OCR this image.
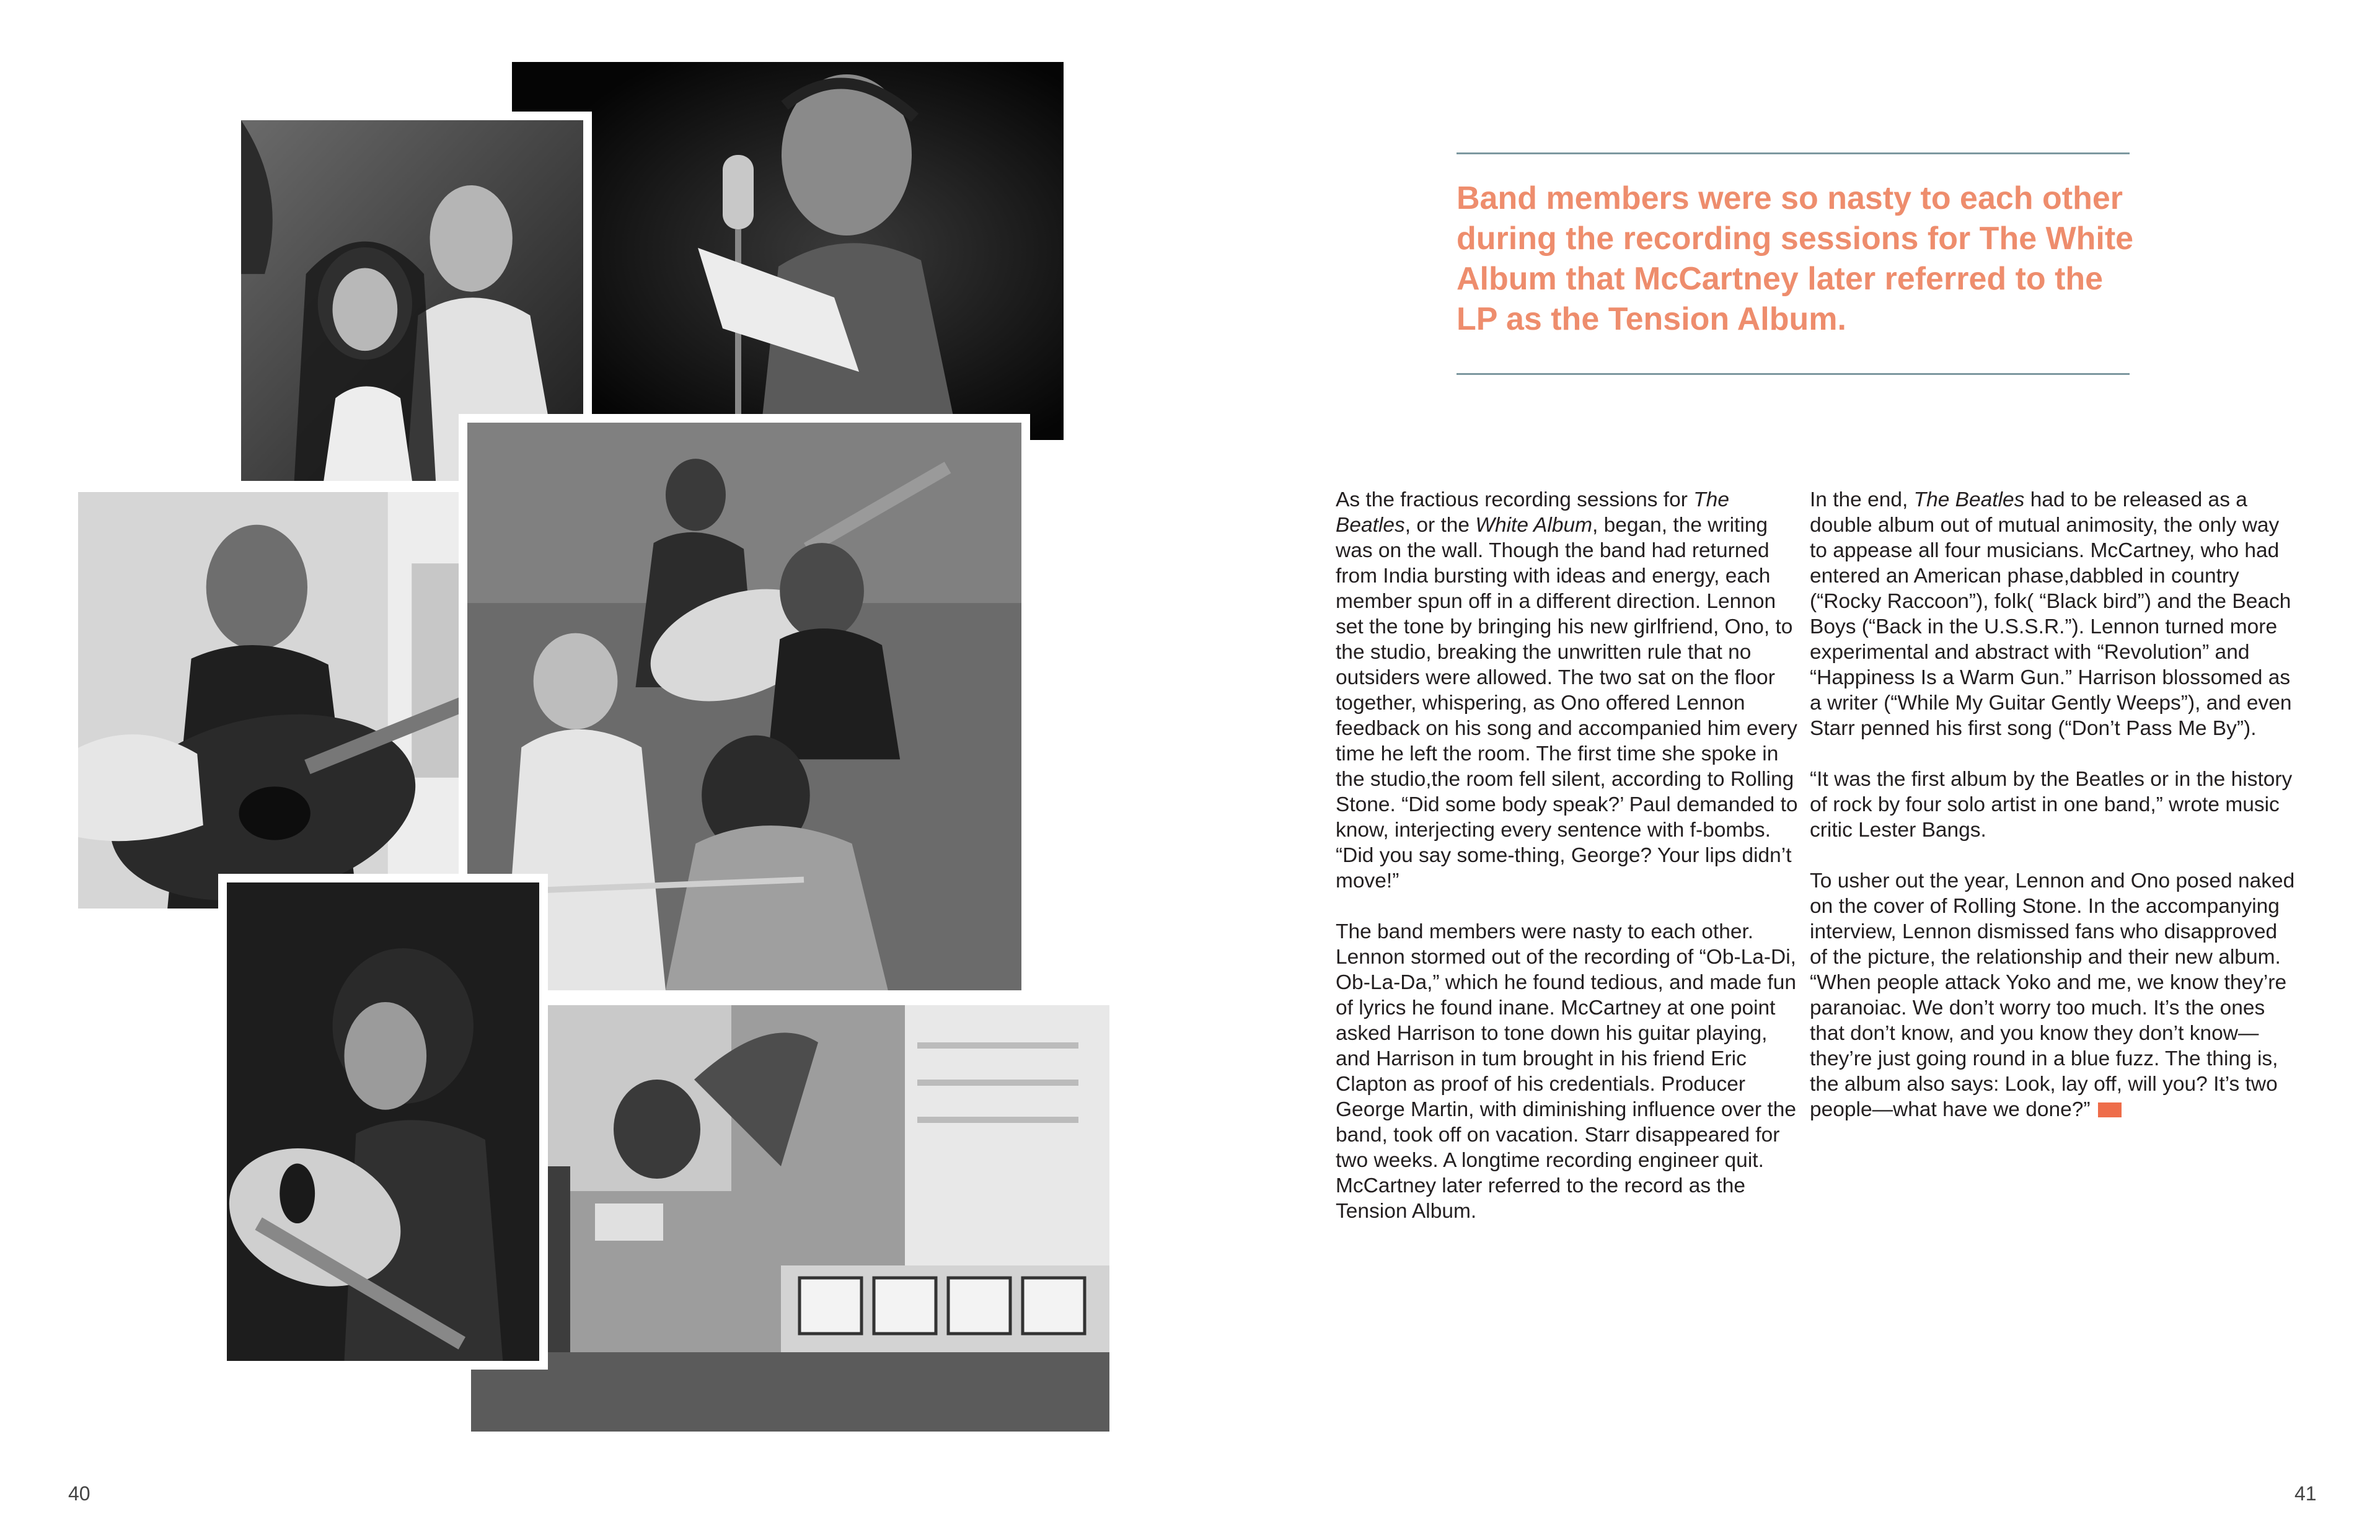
Band members were so nasty to each other during the recording sessions for The White Album that McCartney later referred to the LP as the Tension Album.

As the fractious recording sessions for The Beatles, or the White Album, began, the writing was on the wall. Though the band had returned from India bursting with ideas and energy, each member spun off in a different direction. Lennon set the tone by bringing his new girlfriend, Ono, to the studio, breaking the unwritten rule that no outsiders were allowed. The two sat on the floor together, whispering, as Ono offered Lennon feedback on his song and accompanied him every time he left the room. The first time she spoke in the studio,the room fell silent, according to Rolling Stone. “Did some body speak?’ Paul demanded to know, interjecting every sentence with f-bombs. “Did you say some-thing, George? Your lips didn’t move!”

The band members were nasty to each other. Lennon stormed out of the recording of “Ob-La-Di, Ob-La-Da,” which he found tedious, and made fun of lyrics he found inane. McCartney at one point asked Harrison to tone down his guitar playing, and Harrison in tum brought in his friend Eric Clapton as proof of his credentials. Producer George Martin, with diminishing influence over the band, took off on vacation. Starr disappeared for two weeks. A longtime recording engineer quit. McCartney later referred to the record as the Tension Album.

In the end, The Beatles had to be released as a double album out of mutual animosity, the only way to appease all four musicians. McCartney, who had entered an American phase,dabbled in country (“Rocky Raccoon”), folk( “Black bird”) and the Beach Boys (“Back in the U.S.S.R.”). Lennon turned more experimental and abstract with “Revolution” and “Happiness Is a Warm Gun.” Harrison blossomed as a writer (“While My Guitar Gently Weeps”), and even Starr penned his first song (“Don’t Pass Me By”).

“It was the first album by the Beatles or in the history of rock by four solo artist in one band,” wrote music critic Lester Bangs.

To usher out the year, Lennon and Ono posed naked on the cover of Rolling Stone. In the accompanying interview, Lennon dismissed fans who disapproved of the picture, the relationship and their new album. “When people attack Yoko and me, we know they’re paranoiac. We don’t worry too much. It’s the ones that don’t know, and you know they don’t know—they’re just going round in a blue fuzz. The thing is, the album also says: Look, lay off, will you? It’s two people—what have we done?”

40	41
